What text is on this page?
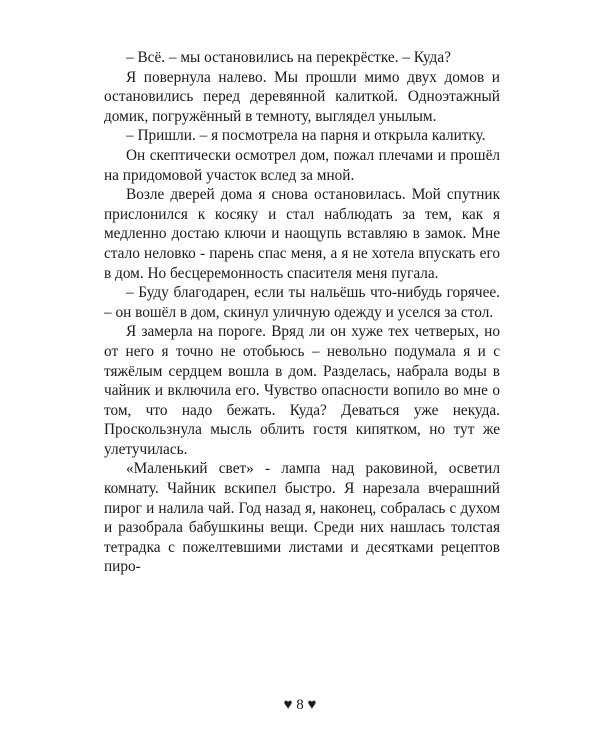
– Всё. – мы остановились на перекрёстке. – Куда?

Я повернула налево. Мы прошли мимо двух домов и остановились перед деревянной калиткой. Одноэтажный домик, погружённый в темноту, выглядел унылым.

– Пришли. – я посмотрела на парня и открыла калитку.

Он скептически осмотрел дом, пожал плечами и прошёл на придомовой участок вслед за мной.

Возле дверей дома я снова остановилась. Мой спутник прислонился к косяку и стал наблюдать за тем, как я медленно достаю ключи и наощупь вставляю в замок. Мне стало неловко - парень спас меня, а я не хотела впускать его в дом. Но бесцеремонность спасителя меня пугала.

– Буду благодарен, если ты нальёшь что-нибудь горячее. – он вошёл в дом, скинул уличную одежду и уселся за стол.

Я замерла на пороге. Вряд ли он хуже тех четверых, но от него я точно не отобьюсь – невольно подумала я и с тяжёлым сердцем вошла в дом. Разделась, набрала воды в чайник и включила его. Чувство опасности вопило во мне о том, что надо бежать. Куда? Деваться уже некуда. Проскользнула мысль облить гостя кипятком, но тут же улетучилась.

«Маленький свет» - лампа над раковиной, осветил комнату. Чайник вскипел быстро. Я нарезала вчерашний пирог и налила чай. Год назад я, наконец, собралась с духом и разобрала бабушкины вещи. Среди них нашлась толстая тетрадка с пожелтевшими листами и десятками рецептов пиро-

♥ 8 ♥
